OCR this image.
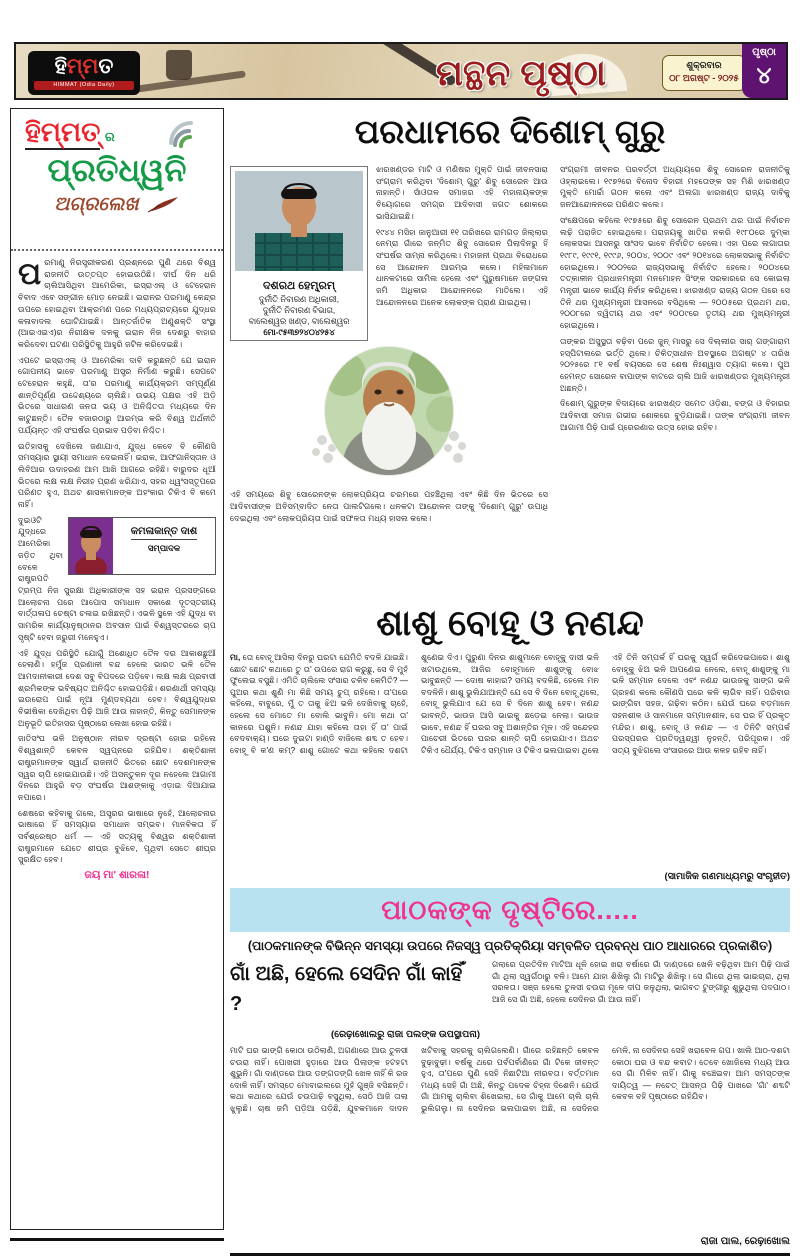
ହିମ୍ମତ
HIMMAT (Odia Daily)	ମନ୍ଥନ ପୃଷ୍ଠା	ଶୁକ୍ରବାର
୦୮ ଅଗଷ୍ଟ - ୨୦୨୫
ପୃଷ୍ଠା
୪
ହିମ୍ମତ୍ ର
ପ୍ରତିଧ୍ୱନି
ଅଗ୍ରଲେଖ

ପରମାଣୁ ନିରସ୍ତ୍ରୀକରଣ ପ୍ରଶ୍ନରେ ପୁଣି ଥରେ ବିଶ୍ୱ ରାଜନୀତି ଉତ୍ତପ୍ତ ହୋଇଉଠିଛି। ଦୀର୍ଘ ଦିନ ଧରି ଚାଲିଆସିଥିବା ଆମେରିକା, ଇସ୍ରାଏଲ୍ ଓ ଟେହେରାନ ବିବାଦ ଏବେ ସଙ୍ଗୀନ ମୋଡ଼ ନେଇଛି। ଇରାନର ପରମାଣୁ କେନ୍ଦ୍ର ଉପରେ ହୋଇଥିବା ଆକ୍ରମଣ ପରେ ମଧ୍ୟପ୍ରାଚ୍ୟରେ ଯୁଦ୍ଧର କଳାବାଦଲ ଘୋଟିଯାଇଛି। ଆନ୍ତର୍ଜାତିକ ଅଣୁଶକ୍ତି ସଂସ୍ଥା (ଆଇଏଇଏ)ର ନିରୀକ୍ଷକ ଦଳକୁ ଇରାନ ନିଜ ଦେଶରୁ ବାହାର କରିଦେବା ଘଟଣା ପରିସ୍ଥିତିକୁ ଆହୁରି ଜଟିଳ କରିଦେଇଛି।

ଏପଟେ ଇସ୍ରାଏଲ୍ ଓ ଆମେରିକା ଦାବି କରୁଛନ୍ତି ଯେ ଇରାନ ଗୋପନୀୟ ଭାବେ ପରମାଣୁ ଅସ୍ତ୍ର ନିର୍ମାଣ କରୁଛି। ସେପଟେ ଟେହେରାନ କହୁଛି, ତା'ର ପରମାଣୁ କାର୍ଯ୍ୟକ୍ରମ ସମ୍ପୂର୍ଣ୍ଣ ଶାନ୍ତିପୂର୍ଣ୍ଣ ଉଦ୍ଦେଶ୍ୟରେ ଚାଲିଛି। ଉଭୟ ପକ୍ଷର ଏହି ଅଡ଼ି ଭିତରେ ସାଧାରଣ ଜନତା ଭୟ ଓ ଅନିଶ୍ଚିତତା ମଧ୍ୟରେ ଦିନ କାଟୁଛନ୍ତି। ତୈଳ ବଜାରଠାରୁ ଆରମ୍ଭ କରି ବିଶ୍ୱ ଅର୍ଥନୀତି ପର୍ଯ୍ୟନ୍ତ ଏହି ସଂଘର୍ଷର ପ୍ରଭାବ ପଡ଼ିବା ନିଶ୍ଚିତ।

ଇତିହାସକୁ ଦେଖିଲେ ଜଣାଯାଏ, ଯୁଦ୍ଧ କେବେ ବି କୌଣସି ସମସ୍ୟାର ସ୍ଥାୟୀ ସମାଧାନ ଦେଇନାହିଁ। ଇରାକ, ଆଫଗାନିସ୍ତାନ ଓ ଲିବିଆର ଉଦାହରଣ ଆମ ଆଖି ଆଗରେ ରହିଛି। ବାରୁଦର ଧୂଆଁ ଭିତରେ ଲକ୍ଷ ଲକ୍ଷ ନିରୀହ ପ୍ରାଣ ଝରିଯାଏ, ସହର ଧ୍ୱଂସସ୍ତୂପରେ ପରିଣତ ହୁଏ, ଅଥଚ ଶାସକମାନଙ୍କ ଅହଂକାର ଟିକିଏ ବି କମେ ନାହିଁ।

କମଳାକାନ୍ତ ଦାଶ
ସମ୍ପାଦକ

ଦୁଇଓଟି ଯୁଦ୍ଧରେ ଆମେରିକା ଜଡ଼ିତ ଥିବା ବେଳେ ରାଷ୍ଟ୍ରପତି ଟ୍ରମ୍ପ ନିଜ ସୁରକ୍ଷା ଅଧିକାରୀଙ୍କ ସହ ଇରାନ ପ୍ରସଙ୍ଗରେ ଆଲୋଚନା ପରେ ଆପୋସ ସମାଧାନ ସକାଶେ ଦୂତସ୍ତରୀୟ ବାର୍ତ୍ତାଳାପ ଚେଷ୍ଟା ଚଳାଇ ରଖିଛନ୍ତି। ଏଭଳି ସ୍ଥଳେ ଏହି ଯୁଦ୍ଧ ବା ସାମରିକ କାର୍ଯ୍ୟାନୁଷ୍ଠାନର ଅବସାନ ପାଇଁ ବିଶ୍ୱସ୍ତରରେ ଚାପ ସୃଷ୍ଟି ହେବା ଜରୁରୀ ମନେହୁଏ।

ଏହି ଯୁଦ୍ଧ ପରିସ୍ଥିତି ଯୋଗୁଁ ଅଶୋଧିତ ତୈଳ ଦର ଆକାଶଛୁଆଁ ହେଲାଣି। ହର୍ମୁଜ ପ୍ରଣାଳୀ ବନ୍ଦ ହେଲେ ଭାରତ ଭଳି ତୈଳ ଆମଦାନୀକାରୀ ଦେଶ ସବୁ ବିପଦରେ ପଡ଼ିବେ। ଲକ୍ଷ ଲକ୍ଷ ପ୍ରବାସୀ ଶ୍ରମିକଙ୍କ ଭବିଷ୍ୟତ ଅନିଶ୍ଚିତ ହୋଇପଡ଼ିଛି। ଶରଣାର୍ଥୀ ସମସ୍ୟା ଇଉରୋପ ପାଇଁ ନୂଆ ମୁଣ୍ଡବ୍ୟଥା ହେବ। ବିଶ୍ୱଯୁଦ୍ଧର ବିଭୀଷିକା ଦେଖିଥିବା ପିଢ଼ି ଆଜି ଆଉ ନାହାନ୍ତି, କିନ୍ତୁ ସେମାନଙ୍କ ଅନୁଭୂତି ଇତିହାସର ପୃଷ୍ଠାରେ ଲେଖା ହୋଇ ରହିଛି।

ଜାତିସଂଘ ଭଳି ଅନୁଷ୍ଠାନ ନୀରବ ଦ୍ରଷ୍ଟା ହୋଇ ରହିଲେ ବିଶ୍ୱଶାନ୍ତି କେବଳ ସ୍ୱପ୍ନରେ ରହିଯିବ। ଶକ୍ତିଶାଳୀ ରାଷ୍ଟ୍ରମାନଙ୍କ ସ୍ୱାର୍ଥ ରାଜନୀତି ଭିତରେ ଛୋଟ ଦେଶମାନଙ୍କ ସ୍ୱର ଚାପି ହୋଇଯାଉଛି। ଏହି ଅସନ୍ତୁଳନ ଦୂର ନହେଲେ ଆଗାମୀ ଦିନରେ ଆହୁରି ବଡ଼ ସଂଘର୍ଷର ଆଶଙ୍କାକୁ ଏଡ଼ାଇ ଦିଆଯାଇ ନପାରେ।

ଶେଷରେ କହିବାକୁ ଗଲେ, ଅସ୍ତ୍ରର ଭାଷାରେ ନୁହେଁ, ଆଲୋଚନାର ଭାଷାରେ ହିଁ ସମସ୍ୟାର ସମାଧାନ ସମ୍ଭବ। ମାନବିକତା ହିଁ ସର୍ବଶ୍ରେଷ୍ଠ ଧର୍ମ — ଏହି ସତ୍ୟକୁ ବିଶ୍ୱର ଶକ୍ତିଶାଳୀ ରାଷ୍ଟ୍ରମାନେ ଯେତେ ଶୀଘ୍ର ବୁଝିବେ, ପୃଥିବୀ ସେତେ ଶୀଘ୍ର ସୁରକ୍ଷିତ ହେବ।

ଜୟ ମା' ଶାରଳା!
ପରଧାମରେ ଦିଶୋମ୍ ଗୁରୁ
ଦଶରଥ ହେମ୍ବ୍ରମ୍
ଦୁର୍ନୀତି ନିବାରଣ ଅଧିକାରୀ,
ଦୁର୍ନୀତି ନିବାରଣ ବିଭାଗ,
ବାଲେଶ୍ୱର ଖଣ୍ଡ, ବାଲେଶ୍ୱର
ମୋ-୯୫୩୭୨୪୦୪୨୫୪

ଝାରଖଣ୍ଡର ମାଟି ଓ ମଣିଷର ମୁକ୍ତି ପାଇଁ ଜୀବନସାରା ସଂଗ୍ରାମ କରିଥିବା 'ଦିଶୋମ୍ ଗୁରୁ' ଶିବୁ ସୋରେନ ଆଉ ନାହାନ୍ତି। ସାଁଓତାଳ ସମାଜର ଏହି ମହାନାୟକଙ୍କ ବିୟୋଗରେ ସମଗ୍ର ଆଦିବାସୀ ଜଗତ ଶୋକରେ ଭାସିଯାଇଛି।

୧୯୪୪ ମସିହା ଜାନୁଆରୀ ୧୧ ତାରିଖରେ ରାମଗଡ଼ ଜିଲ୍ଲାର ନେମ୍ରା ଗାଁରେ ଜନ୍ମିତ ଶିବୁ ସୋରେନ ପିଲାଦିନରୁ ହିଁ ସଂଘର୍ଷର ସାମ୍ନା କରିଥିଲେ। ମହାଜନୀ ପ୍ରଥା ବିରୋଧରେ ସେ ଆନ୍ଦୋଳନ ଆରମ୍ଭ କଲେ। ମହିଳାମାନେ ଧାନକଟାରେ ସାମିଲ ହେଲେ ଏବଂ ପୁରୁଷମାନେ ଜଙ୍ଗଲ ଜମି ଅଧିକାର ଆନ୍ଦୋଳନରେ ମାତିଲେ। ଏହି ଆନ୍ଦୋଳନରେ ଅନେକ ଲୋକଙ୍କ ପ୍ରାଣ ଯାଇଥିଲା।

ଏହି ସମୟରେ ଶିବୁ ସୋରେନଙ୍କ ଲୋକପ୍ରିୟତା ଚରମରେ ପହଞ୍ଚିଥିଲା ଏବଂ କିଛି ଦିନ ଭିତରେ ସେ ଆଦିବାସୀଙ୍କ ଅବିସମ୍ବାଦିତ ନେତା ପାଲଟିଗଲେ। ଧନକଟା ଆନ୍ଦୋଳନ ତାଙ୍କୁ 'ଦିଶୋମ୍ ଗୁରୁ' ଉପାଧି ଦେଇଥିଲା ଏବଂ ଲୋକପ୍ରିୟତା ପାଇଁ ସଫଳତା ମଧ୍ୟ ହାସଲ କଲେ।

ସଂଗ୍ରାମୀ ଜୀବନର ପରବର୍ତ୍ତୀ ଅଧ୍ୟାୟରେ ଶିବୁ ସୋରେନ ରାଜନୀତିକୁ ଓହ୍ଲାଇଲେ। ୧୯୭୨ରେ ବିନୋଦ ବିହାରୀ ମହତୋଙ୍କ ସହ ମିଶି ଝାରଖଣ୍ଡ ମୁକ୍ତି ମୋର୍ଚ୍ଚା ଗଠନ କଲେ ଏବଂ ଅଲଗା ଝାରଖଣ୍ଡ ରାଜ୍ୟ ଦାବିକୁ ଜନଆନ୍ଦୋଳନରେ ପରିଣତ କଲେ।

ସଂକ୍ଷେପରେ କହିଲେ ୧୯୭୫ରେ ଶିବୁ ସୋରେନ ପ୍ରଥମ ଥର ପାଇଁ ନିର୍ବାଚନ ଲଢ଼ି ପରାଜିତ ହୋଇଥିଲେ। ପରାଜୟକୁ ଖାତିର ନକରି ୧୯୮୦ରେ ଦୁମ୍କା ଲୋକସଭା ଆସନରୁ ସାଂସଦ ଭାବେ ନିର୍ବାଚିତ ହେଲେ। ଏହା ପରେ ଲଗାତାର ୧୯୮୯, ୧୯୯୧, ୧୯୯୬, ୨୦୦୪, ୨୦୦୯ ଏବଂ ୨୦୧୪ରେ ଲୋକସଭାକୁ ନିର୍ବାଚିତ ହୋଇଥିଲେ। ୨୦୦୨ରେ ରାଜ୍ୟସଭାକୁ ନିର୍ବାଚିତ ହେଲେ। ୨୦୦୪ରେ ତତ୍କାଳୀନ ପ୍ରଧାନମନ୍ତ୍ରୀ ମନମୋହନ ସିଂଙ୍କ ସରକାରରେ ସେ କୋଇଲା ମନ୍ତ୍ରୀ ଭାବେ କାର୍ଯ୍ୟ ନିର୍ବାହ କରିଥିଲେ। ଝାରଖଣ୍ଡ ରାଜ୍ୟ ଗଠନ ପରେ ସେ ତିନି ଥର ମୁଖ୍ୟମନ୍ତ୍ରୀ ଆସନରେ ବସିଥିଲେ — ୨୦୦୫ରେ ପ୍ରଥମ ଥର, ୨୦୦୮ରେ ଦ୍ୱିତୀୟ ଥର ଏବଂ ୨୦୦୯ରେ ତୃତୀୟ ଥର ମୁଖ୍ୟମନ୍ତ୍ରୀ ହୋଇଥିଲେ।

ତାଙ୍କର ଅସୁସ୍ଥତା ବଢ଼ିବା ପରେ ଜୁନ୍ ମାସରୁ ସେ ଦିଲ୍ଲୀର ସାର୍ ଗଙ୍ଗାରାମ ହସ୍ପିଟାଲରେ ଭର୍ତ୍ତି ଥିଲେ। ଚିକିତ୍ସାଧୀନ ଅବସ୍ଥାରେ ଅଗଷ୍ଟ ୪ ତାରିଖ ୨୦୨୫ରେ ୮୧ ବର୍ଷ ବୟସରେ ସେ ଶେଷ ନିଃଶ୍ୱାସ ତ୍ୟାଗ କଲେ। ପୁଅ ହେମନ୍ତ ସୋରେନ ବାପାଙ୍କ ବାଟରେ ଚାଲି ଆଜି ଝାରଖଣ୍ଡର ମୁଖ୍ୟମନ୍ତ୍ରୀ ଅଛନ୍ତି।

ଦିଶୋମ୍ ଗୁରୁଙ୍କ ବିଦାୟରେ ଝାରଖଣ୍ଡ ସମେତ ଓଡ଼ିଶା, ବଙ୍ଗ ଓ ବିହାରର ଆଦିବାସୀ ସମାଜ ଗଭୀର ଶୋକରେ ବୁଡ଼ିଯାଇଛି। ତାଙ୍କ ସଂଗ୍ରାମୀ ଜୀବନ ଆଗାମୀ ପିଢ଼ି ପାଇଁ ପ୍ରେରଣାର ଉତ୍ସ ହୋଇ ରହିବ।

ଶାଶୁ ବୋହୂ ଓ ନଣନ୍ଦ
ମା, ତୋ ବୋହୂ ଆସିଲା ଦିନରୁ ଘରଟା ଯେମିତି ବଦଳି ଯାଇଛି। ଛୋଟ ଛୋଟ କଥାରେ ତୁ ତା' ଉପରେ ରାଗ କରୁଛୁ, ସେ ବି ମୁହଁ ଫୁଲେଇ ବସୁଛି। ଏମିତି ଚାଲିଲେ ସଂସାର ଚଳିବ କେମିତି? — ପୁଅର କଥା ଶୁଣି ମା କିଛି ସମୟ ଚୁପ୍ ରହିଲେ। ତା'ପରେ କହିଲେ, ବାବୁରେ, ମୁଁ ତ ତାକୁ ଝିଅ ଭଳି ଦେଖିବାକୁ ଚାହେଁ, ହେଲେ ସେ ମୋତେ ମା ବୋଲି ଭାବୁନି। ମୋ କଥା ତା' କାନରେ ପଶୁନି। ନଣନ୍ଦ ଯାହା କହିଲେ ତାହା ହିଁ ତା' ପାଇଁ ବେଦବାକ୍ୟ। ଘରେ ଦୁଇଟା ହାଣ୍ଡି ବାଜିଲେ ଶବ୍ଦ ତ ହେବ। ବୋହୂ ବି କ'ଣ କମ୍? ଶାଶୁ ଗୋଟେ କଥା କହିଲେ ଦଶଟା ଶୁଣେଇ ଦିଏ। ପୁରୁଣା ଦିନର ଶାଶୁମାନେ ବୋହୂକୁ ଦାସୀ ଭଳି ଖଟାଉଥିଲେ, ଆଜିର ବୋହୂମାନେ ଶାଶୁଙ୍କୁ ବୋଝ ଭାବୁଛନ୍ତି — ଦୋଷ କାହାର? ସମୟ ବଦଳିଛି, ହେଲେ ମନ ବଦଳିନି। ଶାଶୁ ଭୁଲିଯାଆନ୍ତି ଯେ ସେ ବି ଦିନେ ବୋହୂ ଥିଲେ, ବୋହୂ ଭୁଲିଯାଏ ଯେ ସେ ବି ଦିନେ ଶାଶୁ ହେବ। ନଣନ୍ଦ ଭାବନ୍ତି, ଭାଉଜ ଆସି ଭାଇକୁ ଛଡ଼େଇ ନେଲା। ଭାଉଜ ଭାବେ, ନଣନ୍ଦ ହିଁ ଘରର ସବୁ ଅଶାନ୍ତିର ମୂଳ। ଏହି ସନ୍ଦେହର ପାଚେରୀ ଭିତରେ ଘରର ଶାନ୍ତି ଚାପି ହୋଇଯାଏ। ଅଥଚ ଟିକିଏ ଧୈର୍ଯ୍ୟ, ଟିକିଏ ସମ୍ମାନ ଓ ଟିକିଏ ଭଲପାଇବା ଥିଲେ ଏହି ତିନି ସମ୍ପର୍କ ହିଁ ଘରକୁ ସ୍ୱର୍ଗ କରିଦେଇପାରେ। ଶାଶୁ ବୋହୂକୁ ଝିଅ ଭଳି ଆପଣେଇ ନେଲେ, ବୋହୂ ଶାଶୁଙ୍କୁ ମା ଭଳି ସମ୍ମାନ ଦେଲେ ଏବଂ ନଣନ୍ଦ ଭାଉଜକୁ ସାଙ୍ଗ ଭଳି ଗ୍ରହଣ କଲେ କୌଣସି ଘରେ କଳି ଲାଗିବ ନାହିଁ। ପରିବାର ଭାଙ୍ଗିବା ସହଜ, ଗଢ଼ିବା କଠିନ। ଯେଉଁ ଘରେ ବଡ଼ମାନେ ସହନଶୀଳ ଓ ସାନମାନେ ସମ୍ମାନଶୀଳ, ସେ ଘର ହିଁ ପ୍ରକୃତ ମନ୍ଦିର। ଶାଶୁ, ବୋହୂ ଓ ନଣନ୍ଦ — ଏ ତିନିଟି ସମ୍ପର୍କ ପରସ୍ପରର ପ୍ରତିଦ୍ୱନ୍ଦ୍ୱୀ ନୁହନ୍ତି, ପରିପୂରକ। ଏହି ସତ୍ୟ ବୁଝିଗଲେ ସଂସାରରେ ଆଉ କଳହ ରହିବ ନାହିଁ।
(ସାମାଜିକ ଗଣମାଧ୍ୟମରୁ ସଂଗୃହୀତ)
ପାଠକଙ୍କ ଦୃଷ୍ଟିରେ.....
(ପାଠକମାନଙ୍କ ବିଭିନ୍ନ ସମସ୍ୟା ଉପରେ ନିଜସ୍ୱ ପ୍ରତିକ୍ରିୟା ସମ୍ବଳିତ ପ୍ରବନ୍ଧ ପାଠ ଆଧାରରେ ପ୍ରକାଶିତ)
ଗାଁ ଅଛି, ହେଲେ ସେଦିନ ଗାଁ କାହିଁ ?
(ରେଢ଼ାଖୋଲରୁ ରାଜା ପଲଙ୍କ ଉପସ୍ଥାପନା)
ଗଲାରେ ପ୍ରତିଦିନ ମାଟିଆ ଧୂଳି ହୋଇ ଖରା ବର୍ଷାରେ ଗାଁ ଦାଣ୍ଡରେ ଖେଳି ବଢ଼ିଥିବା ଆମ ପିଢ଼ି ପାଇଁ ଗାଁ ଥିଲା ସ୍ୱର୍ଗଠାରୁ ବଳି। ଆମେ ଯାହା ଶିଖିଲୁ ଗାଁ ମାଟିରୁ ଶିଖିଲୁ। ସେ ଗାଁରେ ଥିଲା ଭାଇଚାରା, ଥିଲା ସରଳତା। ସଞ୍ଜ ହେଲେ ତୁଳସୀ ଚଉରା ମୂଳେ ଦୀପ ଜଳୁଥିଲା, ଭାଗବତ ଟୁଙ୍ଗୀରୁ ଶୁଭୁଥିଲା ପଦପାଠ। ଆଜି ସେ ଗାଁ ଅଛି, ହେଲେ ସେଦିନର ଗାଁ ଆଉ ନାହିଁ।
ମାଟି ଘର ଭାଙ୍ଗି କୋଠା ଉଠିଲାଣି, ଅଗଣାରେ ଆଉ ତୁଳସୀ ଚଉରା ନାହିଁ। ପୋଖରୀ ହୁଡ଼ାରେ ଆଉ ପିଲାଙ୍କ ହଟହଟା ଶୁଭୁନି। ଗାଁ ଦାଣ୍ଡରେ ଆଉ ଡଙ୍ଗଡଙ୍ଗି ଖେଳ ନାହିଁ କି ରଜ ଦୋଳି ନାହିଁ। ସମସ୍ତେ ମୋବାଇଲରେ ମୁହଁ ଗୁଞ୍ଜି ବସିଛନ୍ତି। କଥା କଥାରେ ଯେଉଁ ଚଉପାଢ଼ି ବସୁଥିଲା, ସେଠି ଆଜି ତାଲା ଝୁଲୁଛି। ଚାଷ ଜମି ପଡ଼ିଆ ପଡ଼ିଛି, ଯୁବକମାନେ ଦାଦନ ଖଟିବାକୁ ସହରକୁ ଚାଲିଗଲେଣି। ଗାଁରେ ରହିଛନ୍ତି କେବଳ ବୁଢ଼ାବୁଢ଼ୀ। ବର୍ଷକୁ ଥରେ ପର୍ବପର୍ବାଣିରେ ଗାଁ ଟିକେ ଜୀବନ୍ତ ହୁଏ, ତା'ପରେ ପୁଣି ସେହି ନିଛାଟିଆ ନୀରବତା। ବର୍ତ୍ତମାନ ମଧ୍ୟ ସେହି ଗାଁ ଅଛି, କିନ୍ତୁ ପଦେକ ଚିହ୍ନା ଦିଶେନି। ଯେଉଁ ଗାଁ ଆମକୁ ଚାଲିବା ଶିଖେଇଲା, ସେ ଗାଁକୁ ଆମେ ଚାଲି ଚାଲି ଭୁଲିଗଲୁ। ନା ସେଦିନର ଭଲପାଇବା ଅଛି, ନା ସେଦିନର ମେଳି, ନା ସେଦିନର ସେହି ଖରାବେଳ ଗପ। ଖାଲି ଆଠ-ଦଶଟା କୋଠା ଘର ଓ ବନ୍ଦ କବାଟ। ତେବେ ଖୋଜିଲେ ମଧ୍ୟ ଆଉ ସେ ଗାଁ ମିଳିବ ନାହିଁ। ଗାଁକୁ ବଞ୍ଚେଇବା ଆମ ସମସ୍ତଙ୍କ ଦାୟିତ୍ୱ — ନଚେତ୍ ଆସନ୍ତା ପିଢ଼ି ପାଖରେ 'ଗାଁ' ଶବ୍ଦଟି କେବଳ ବହି ପୃଷ୍ଠାରେ ରହିଯିବ।
ରାଜା ପାଲ, ରେଢ଼ାଖୋଲ
